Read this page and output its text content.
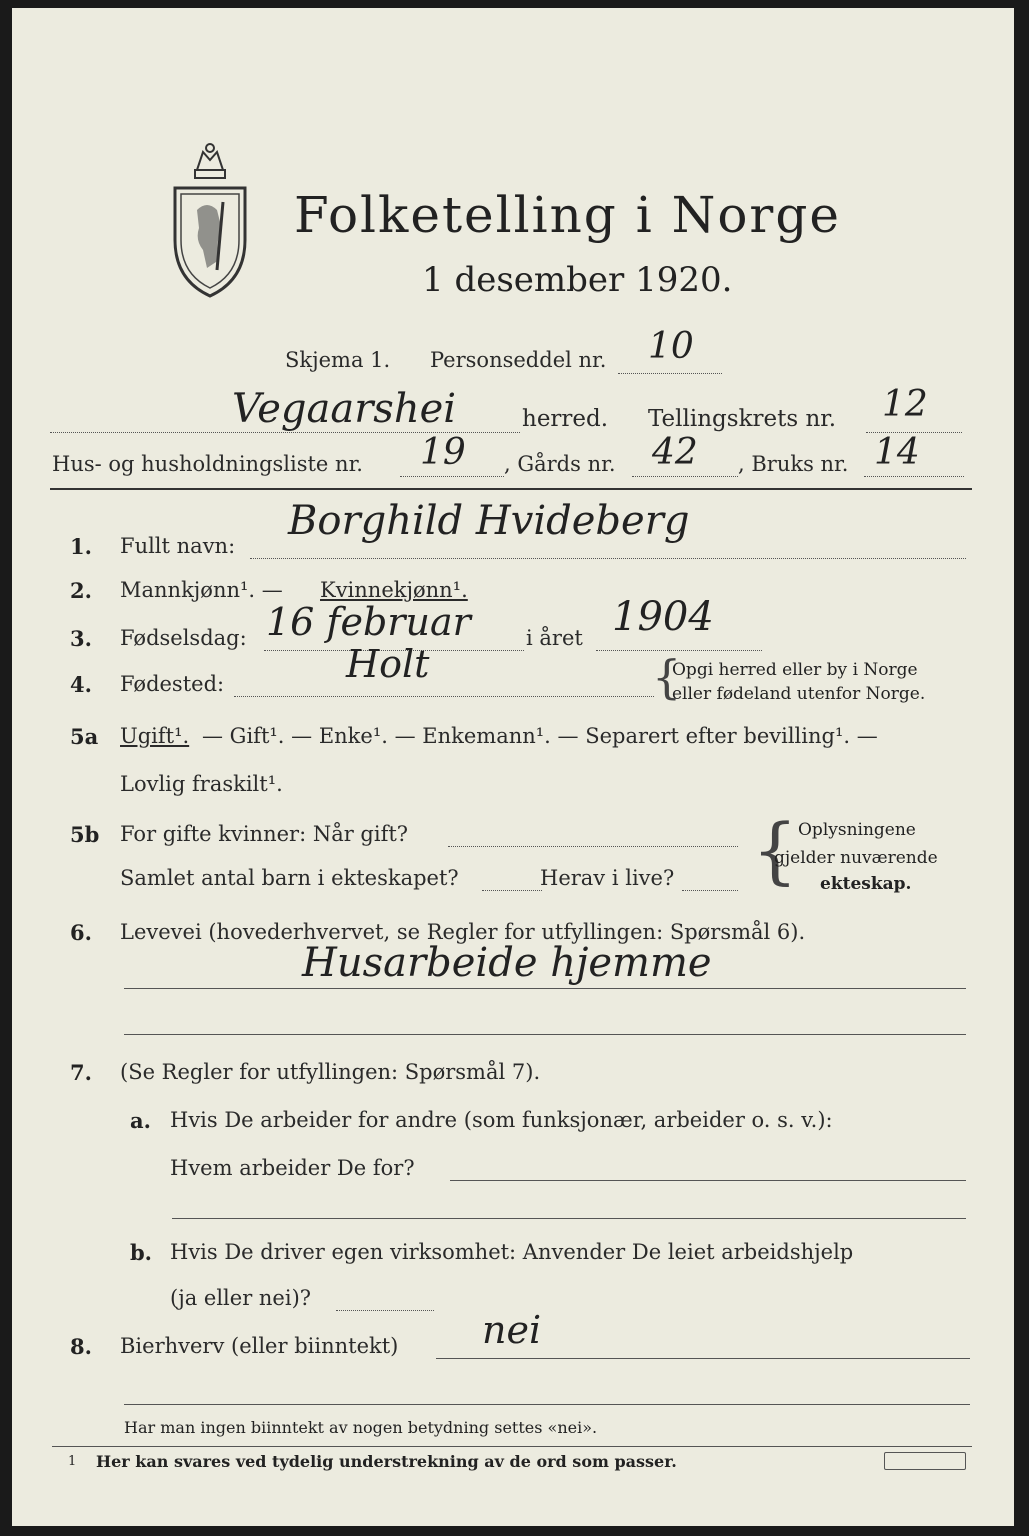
Folketelling i Norge
1 desember 1920.
Skjema 1. Personseddel nr. 10
Vegaarshei	herred. Tellingskrets nr. 12
Hus- og husholdningsliste nr. 19 , Gårds nr. 42 , Bruks nr. 14
1. Fullt navn:
Borghild Hvideberg
2. Mannkjønn¹. — Kvinnekjønn¹.
3. Fødselsdag: 16 februar	i året 1904
4. Fødested:	Holt	{
Opgi herred eller by i Norge
eller fødeland utenfor Norge.
5a Ugift¹. — Gift¹. — Enke¹. — Enkemann¹. — Separert efter bevilling¹. —
Lovlig fraskilt¹.
5b For gifte kvinner: Når gift?
Samlet antal barn i ekteskapet?	Herav i live? { Oplysningene
gjelder nuværende
ekteskap.
6. Levevei (hovederhvervet, se Regler for utfyllingen: Spørsmål 6).
Husarbeide hjemme
7. (Se Regler for utfyllingen: Spørsmål 7).
a. Hvis De arbeider for andre (som funksjonær, arbeider o. s. v.):
Hvem arbeider De for?
b. Hvis De driver egen virksomhet: Anvender De leiet arbeidshjelp
(ja eller nei)?
8. Bierhverv (eller biinntekt) nei
Har man ingen biinntekt av nogen betydning settes «nei».
1 Her kan svares ved tydelig understrekning av de ord som passer.
